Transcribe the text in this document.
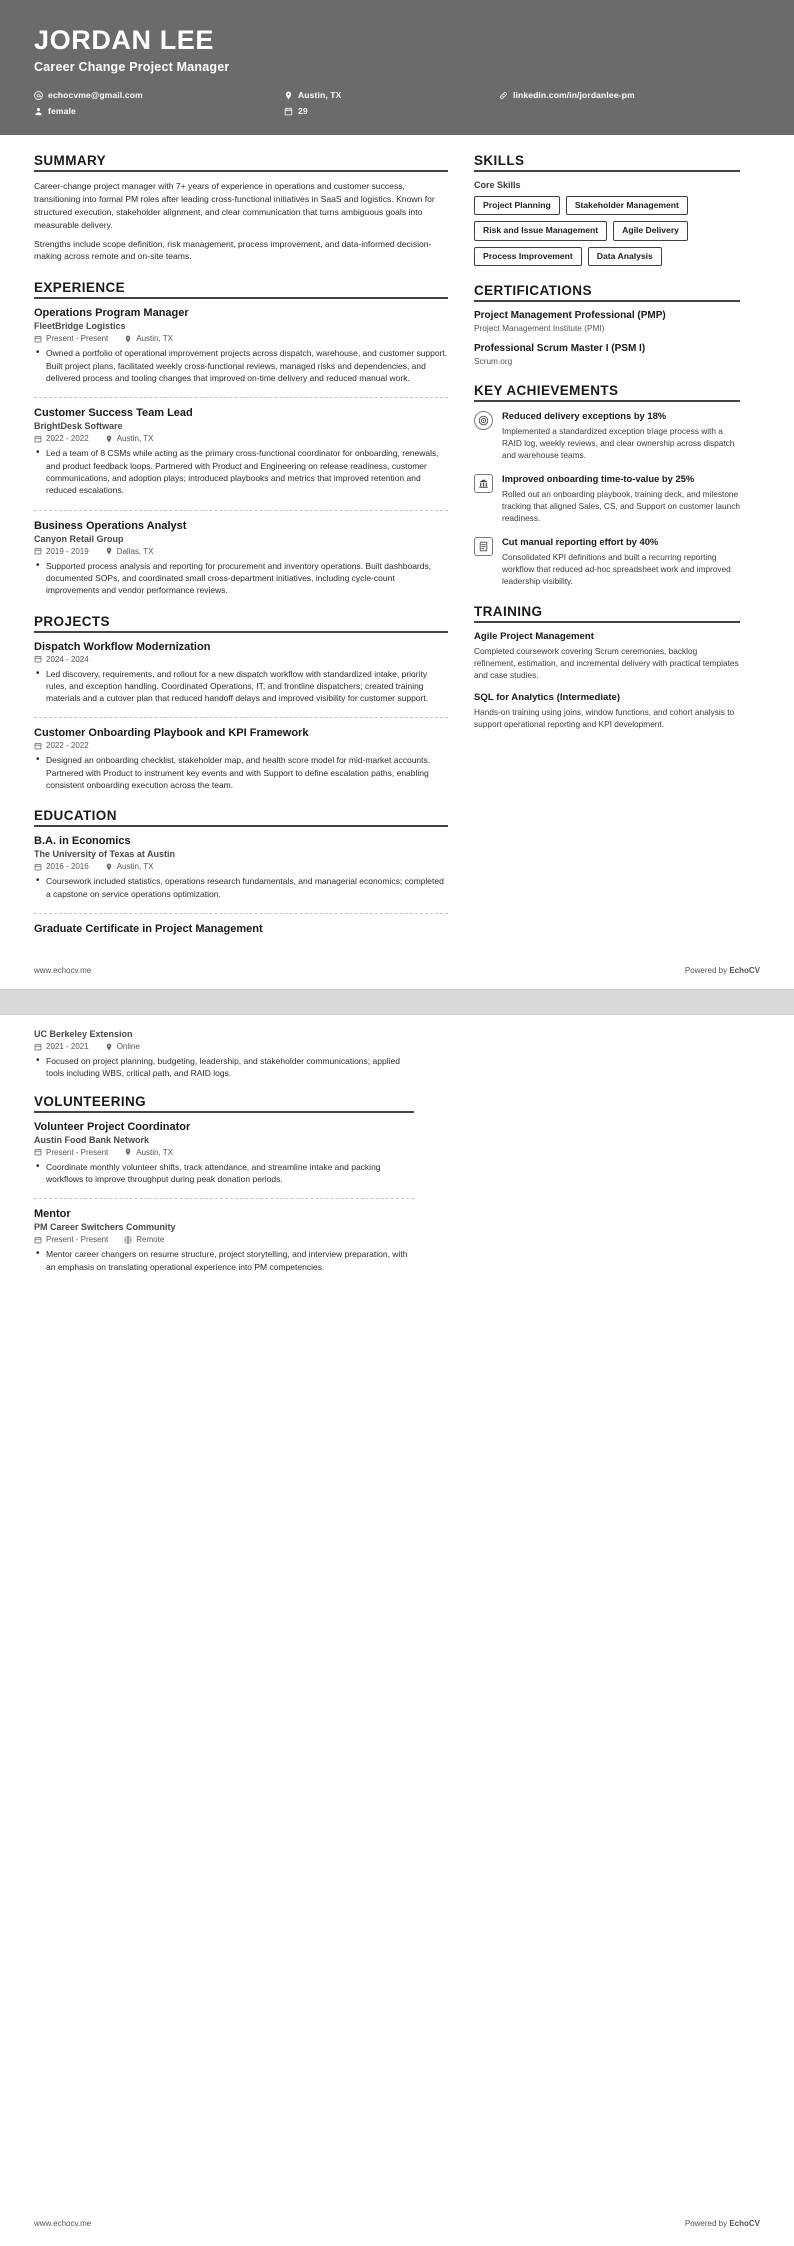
JORDAN LEE
Career Change Project Manager
echocvme@gmail.com
female
Austin, TX
29
linkedin.com/in/jordanlee-pm
SUMMARY
Career-change project manager with 7+ years of experience in operations and customer success, transitioning into formal PM roles after leading cross-functional initiatives in SaaS and logistics. Known for structured execution, stakeholder alignment, and clear communication that turns ambiguous goals into measurable delivery.
Strengths include scope definition, risk management, process improvement, and data-informed decision-making across remote and on-site teams.
EXPERIENCE
Operations Program Manager
FleetBridge Logistics
Present - Present	Austin, TX
• Owned a portfolio of operational improvement projects across dispatch, warehouse, and customer support. Built project plans, facilitated weekly cross-functional reviews, managed risks and dependencies, and delivered process and tooling changes that improved on-time delivery and reduced manual work.
Customer Success Team Lead
BrightDesk Software
2022 - 2022	Austin, TX
• Led a team of 8 CSMs while acting as the primary cross-functional coordinator for onboarding, renewals, and product feedback loops. Partnered with Product and Engineering on release readiness, customer communications, and adoption plays; introduced playbooks and metrics that improved retention and reduced escalations.
Business Operations Analyst
Canyon Retail Group
2019 - 2019	Dallas, TX
• Supported process analysis and reporting for procurement and inventory operations. Built dashboards, documented SOPs, and coordinated small cross-department initiatives, including cycle-count improvements and vendor performance reviews.
PROJECTS
Dispatch Workflow Modernization
2024 - 2024
• Led discovery, requirements, and rollout for a new dispatch workflow with standardized intake, priority rules, and exception handling. Coordinated Operations, IT, and frontline dispatchers; created training materials and a cutover plan that reduced handoff delays and improved visibility for customer support.
Customer Onboarding Playbook and KPI Framework
2022 - 2022
• Designed an onboarding checklist, stakeholder map, and health score model for mid-market accounts. Partnered with Product to instrument key events and with Support to define escalation paths, enabling consistent onboarding execution across the team.
EDUCATION
B.A. in Economics
The University of Texas at Austin
2016 - 2016	Austin, TX
• Coursework included statistics, operations research fundamentals, and managerial economics; completed a capstone on service operations optimization.
Graduate Certificate in Project Management
SKILLS
Core Skills
Project Planning	Stakeholder Management
Risk and Issue Management	Agile Delivery
Process Improvement	Data Analysis
CERTIFICATIONS
Project Management Professional (PMP)
Project Management Institute (PMI)
Professional Scrum Master I (PSM I)
Scrum.org
KEY ACHIEVEMENTS
Reduced delivery exceptions by 18%
Implemented a standardized exception triage process with a RAID log, weekly reviews, and clear ownership across dispatch and warehouse teams.
Improved onboarding time-to-value by 25%
Rolled out an onboarding playbook, training deck, and milestone tracking that aligned Sales, CS, and Support on customer launch readiness.
Cut manual reporting effort by 40%
Consolidated KPI definitions and built a recurring reporting workflow that reduced ad-hoc spreadsheet work and improved leadership visibility.
TRAINING
Agile Project Management
Completed coursework covering Scrum ceremonies, backlog refinement, estimation, and incremental delivery with practical templates and case studies.
SQL for Analytics (Intermediate)
Hands-on training using joins, window functions, and cohort analysis to support operational reporting and KPI development.
www.echocv.me	Powered by EchoCV
UC Berkeley Extension
2021 - 2021	Online
• Focused on project planning, budgeting, leadership, and stakeholder communications; applied tools including WBS, critical path, and RAID logs.
VOLUNTEERING
Volunteer Project Coordinator
Austin Food Bank Network
Present - Present	Austin, TX
• Coordinate monthly volunteer shifts, track attendance, and streamline intake and packing workflows to improve throughput during peak donation periods.
Mentor
PM Career Switchers Community
Present - Present	Remote
• Mentor career changers on resume structure, project storytelling, and interview preparation, with an emphasis on translating operational experience into PM competencies.
www.echocv.me	Powered by EchoCV
